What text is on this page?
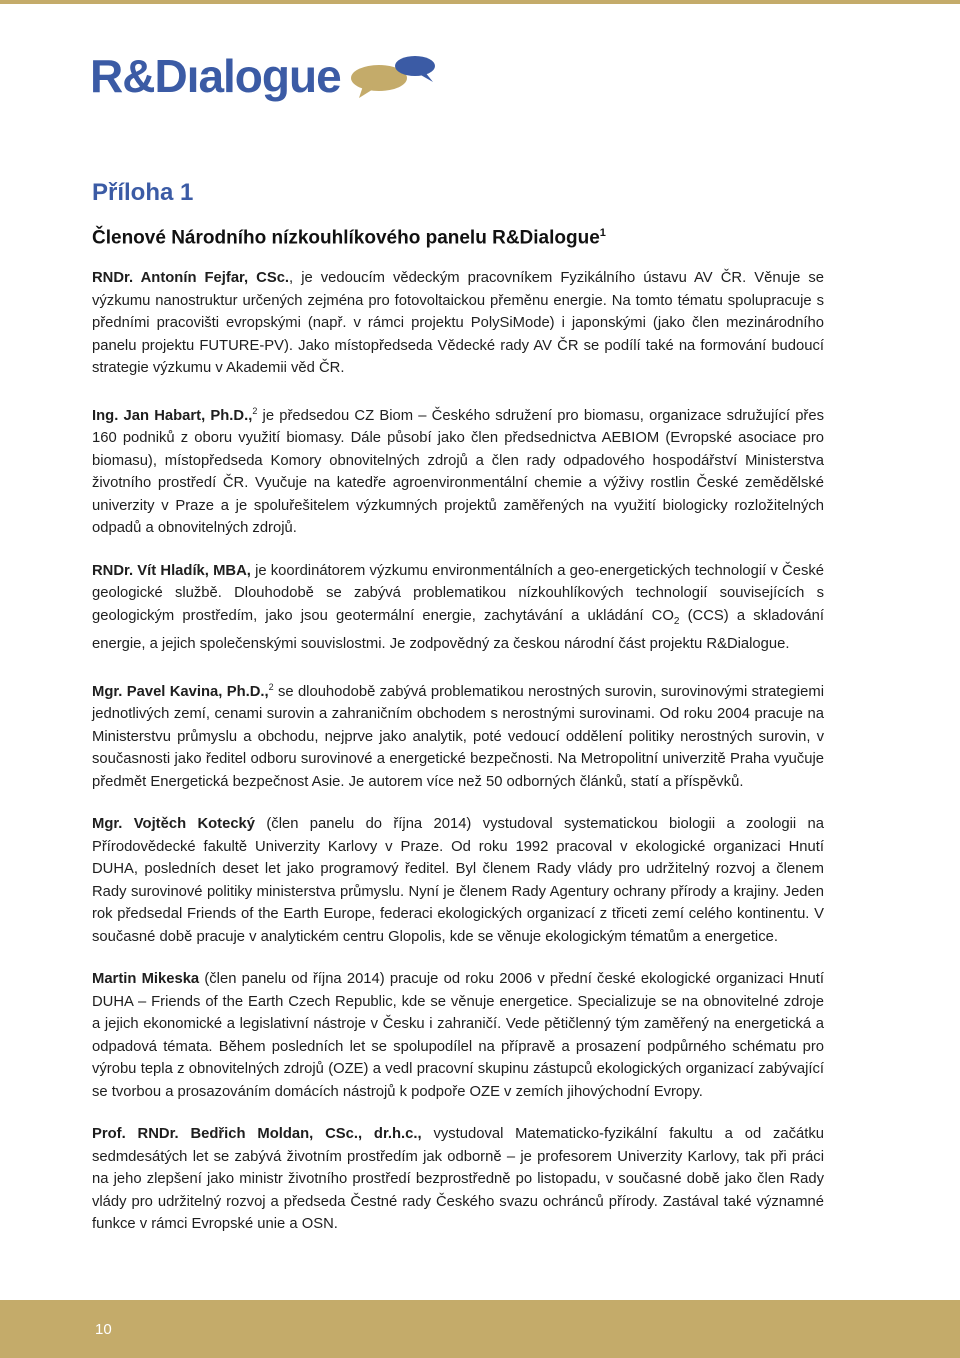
R&Dıalogue
Příloha 1
Členové Národního nízkouhlíkového panelu R&Dialogue$^1$

RNDr. Antonín Fejfar, CSc., je vedoucím vědeckým pracovníkem Fyzikálního ústavu AV ČR. Věnuje se výzkumu nanostruktur určených zejména pro fotovoltaickou přeměnu energie. Na tomto tématu spolupracuje s předními pracovišti evropskými (např. v rámci projektu PolySiMode) i japonskými (jako člen mezinárodního panelu projektu FUTURE-PV). Jako místopředseda Vědecké rady AV ČR se podílí také na formování budoucí strategie výzkumu v Akademii věd ČR.

Ing. Jan Habart, Ph.D.,$^2$ je předsedou CZ Biom – Českého sdružení pro biomasu, organizace sdružující přes 160 podniků z oboru využití biomasy. Dále působí jako člen předsednictva AEBIOM (Evropské asociace pro biomasu), místopředseda Komory obnovitelných zdrojů a člen rady odpadového hospodářství Ministerstva životního prostředí ČR. Vyučuje na katedře agroenvironmentální chemie a výživy rostlin České zemědělské univerzity v Praze a je spoluřešitelem výzkumných projektů zaměřených na využití biologicky rozložitelných odpadů a obnovitelných zdrojů.

RNDr. Vít Hladík, MBA, je koordinátorem výzkumu environmentálních a geo-energetických technologií v České geologické službě. Dlouhodobě se zabývá problematikou nízkouhlíkových technologií souvisejících s geologickým prostředím, jako jsou geotermální energie, zachytávání a ukládání $CO_2$ (CCS) a skladování energie, a jejich společenskými souvislostmi. Je zodpovědný za českou národní část projektu R&Dialogue.

Mgr. Pavel Kavina, Ph.D.,$^2$ se dlouhodobě zabývá problematikou nerostných surovin, surovinovými strategiemi jednotlivých zemí, cenami surovin a zahraničním obchodem s nerostnými surovinami. Od roku 2004 pracuje na Ministerstvu průmyslu a obchodu, nejprve jako analytik, poté vedoucí oddělení politiky nerostných surovin, v současnosti jako ředitel odboru surovinové a energetické bezpečnosti. Na Metropolitní univerzitě Praha vyučuje předmět Energetická bezpečnost Asie. Je autorem více než 50 odborných článků, statí a příspěvků.

Mgr. Vojtěch Kotecký (člen panelu do října 2014) vystudoval systematickou biologii a zoologii na Přírodovědecké fakultě Univerzity Karlovy v Praze. Od roku 1992 pracoval v ekologické organizaci Hnutí DUHA, posledních deset let jako programový ředitel. Byl členem Rady vlády pro udržitelný rozvoj a členem Rady surovinové politiky ministerstva průmyslu. Nyní je členem Rady Agentury ochrany přírody a krajiny. Jeden rok předsedal Friends of the Earth Europe, federaci ekologických organizací z třiceti zemí celého kontinentu. V současné době pracuje v analytickém centru Glopolis, kde se věnuje ekologickým tématům a energetice.

Martin Mikeska (člen panelu od října 2014) pracuje od roku 2006 v přední české ekologické organizaci Hnutí DUHA – Friends of the Earth Czech Republic, kde se věnuje energetice. Specializuje se na obnovitelné zdroje a jejich ekonomické a legislativní nástroje v Česku i zahraničí. Vede pětičlenný tým zaměřený na energetická a odpadová témata. Během posledních let se spolupodílel na přípravě a prosazení podpůrného schématu pro výrobu tepla z obnovitelných zdrojů (OZE) a vedl pracovní skupinu zástupců ekologických organizací zabývající se tvorbou a prosazováním domácích nástrojů k podpoře OZE v zemích jihovýchodní Evropy.

Prof. RNDr. Bedřich Moldan, CSc., dr.h.c., vystudoval Matematicko-fyzikální fakultu a od začátku sedmdesátých let se zabývá životním prostředím jak odborně – je profesorem Univerzity Karlovy, tak při práci na jeho zlepšení jako ministr životního prostředí bezprostředně po listopadu, v současné době jako člen Rady vlády pro udržitelný rozvoj a předseda Čestné rady Českého svazu ochránců přírody. Zastával také významné funkce v rámci Evropské unie a OSN.

10
